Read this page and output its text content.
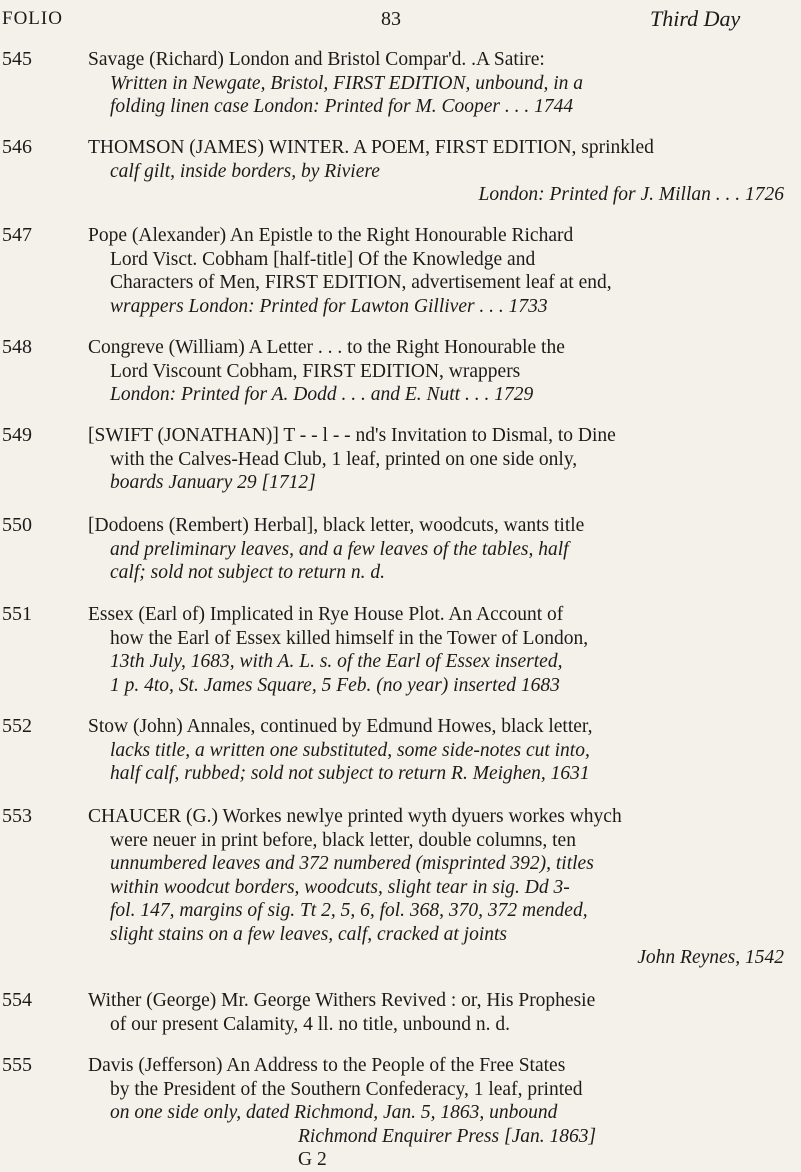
FOLIO	83	Third Day
545	Savage (Richard) London and Bristol Compar'd. .A Satire:
Written in Newgate, Bristol, FIRST EDITION, unbound, in a
folding linen case London: Printed for M. Cooper . . . 1744
546	THOMSON (JAMES) WINTER. A POEM, FIRST EDITION, sprinkled
calf gilt, inside borders, by Riviere
London: Printed for J. Millan . . . 1726
547	Pope (Alexander) An Epistle to the Right Honourable Richard
Lord Visct. Cobham [half-title] Of the Knowledge and
Characters of Men, FIRST EDITION, advertisement leaf at end,
wrappers London: Printed for Lawton Gilliver . . . 1733
548	Congreve (William) A Letter . . . to the Right Honourable the
Lord Viscount Cobham, FIRST EDITION, wrappers
London: Printed for A. Dodd . . . and E. Nutt . . . 1729
549	[SWIFT (JONATHAN)] T - - l - - nd's Invitation to Dismal, to Dine
with the Calves-Head Club, 1 leaf, printed on one side only,
boards January 29 [1712]
550	[Dodoens (Rembert) Herbal], black letter, woodcuts, wants title
and preliminary leaves, and a few leaves of the tables, half
calf; sold not subject to return n. d.
551	Essex (Earl of) Implicated in Rye House Plot. An Account of
how the Earl of Essex killed himself in the Tower of London,
13th July, 1683, with A. L. s. of the Earl of Essex inserted,
1 p. 4to, St. James Square, 5 Feb. (no year) inserted 1683
552	Stow (John) Annales, continued by Edmund Howes, black letter,
lacks title, a written one substituted, some side-notes cut into,
half calf, rubbed; sold not subject to return R. Meighen, 1631
553	CHAUCER (G.) Workes newlye printed wyth dyuers workes whych
were neuer in print before, black letter, double columns, ten
unnumbered leaves and 372 numbered (misprinted 392), titles
within woodcut borders, woodcuts, slight tear in sig. Dd 3-
fol. 147, margins of sig. Tt 2, 5, 6, fol. 368, 370, 372 mended,
slight stains on a few leaves, calf, cracked at joints
John Reynes, 1542
554	Wither (George) Mr. George Withers Revived : or, His Prophesie
of our present Calamity, 4 ll. no title, unbound n. d.
555	Davis (Jefferson) An Address to the People of the Free States
by the President of the Southern Confederacy, 1 leaf, printed
on one side only, dated Richmond, Jan. 5, 1863, unbound
Richmond Enquirer Press [Jan. 1863]
G 2
